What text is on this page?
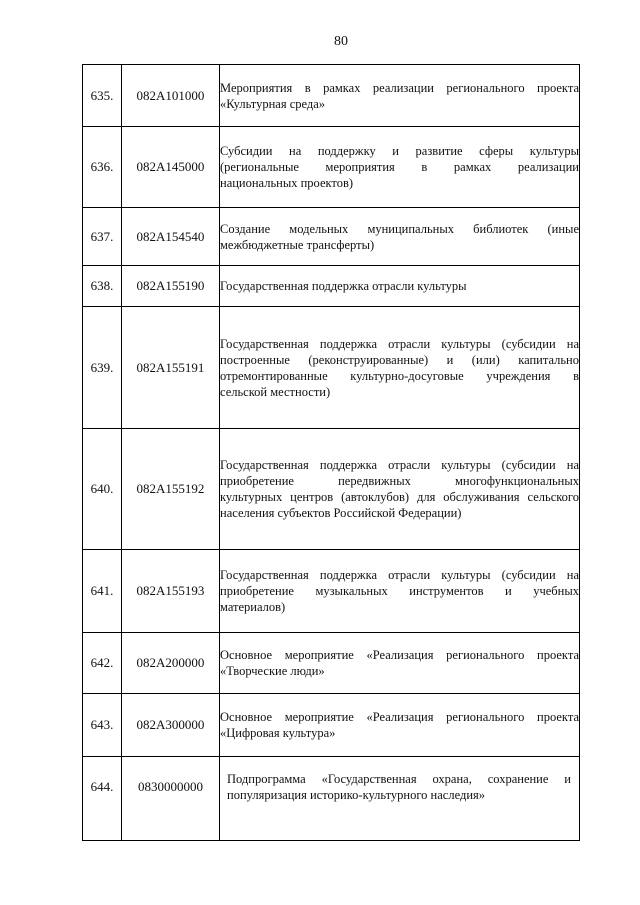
80
635.	082A101000	Мероприятия в рамках реализации регионального проекта
«Культурная среда»

636.	082A145000	Субсидии на поддержку и развитие сферы культуры
(региональные мероприятия в рамках реализации
национальных проектов)

637.	082A154540	Создание модельных муниципальных библиотек (иные
межбюджетные трансферты)

638.	082A155190	Государственная поддержка отрасли культуры

639.	082A155191	Государственная поддержка отрасли культуры (субсидии на
построенные (реконструированные) и (или) капитально
отремонтированные культурно-досуговые учреждения в
сельской местности)

640.	082A155192	Государственная поддержка отрасли культуры (субсидии на
приобретение передвижных многофункциональных
культурных центров (автоклубов) для обслуживания сельского
населения субъектов Российской Федерации)

641.	082A155193	Государственная поддержка отрасли культуры (субсидии на
приобретение музыкальных инструментов и учебных
материалов)

642.	082A200000	Основное мероприятие «Реализация регионального проекта
«Творческие люди»

643.	082A300000	Основное мероприятие «Реализация регионального проекта
«Цифровая культура»

644.	0830000000	Подпрограмма «Государственная охрана, сохранение и
популяризация историко-культурного наследия»
